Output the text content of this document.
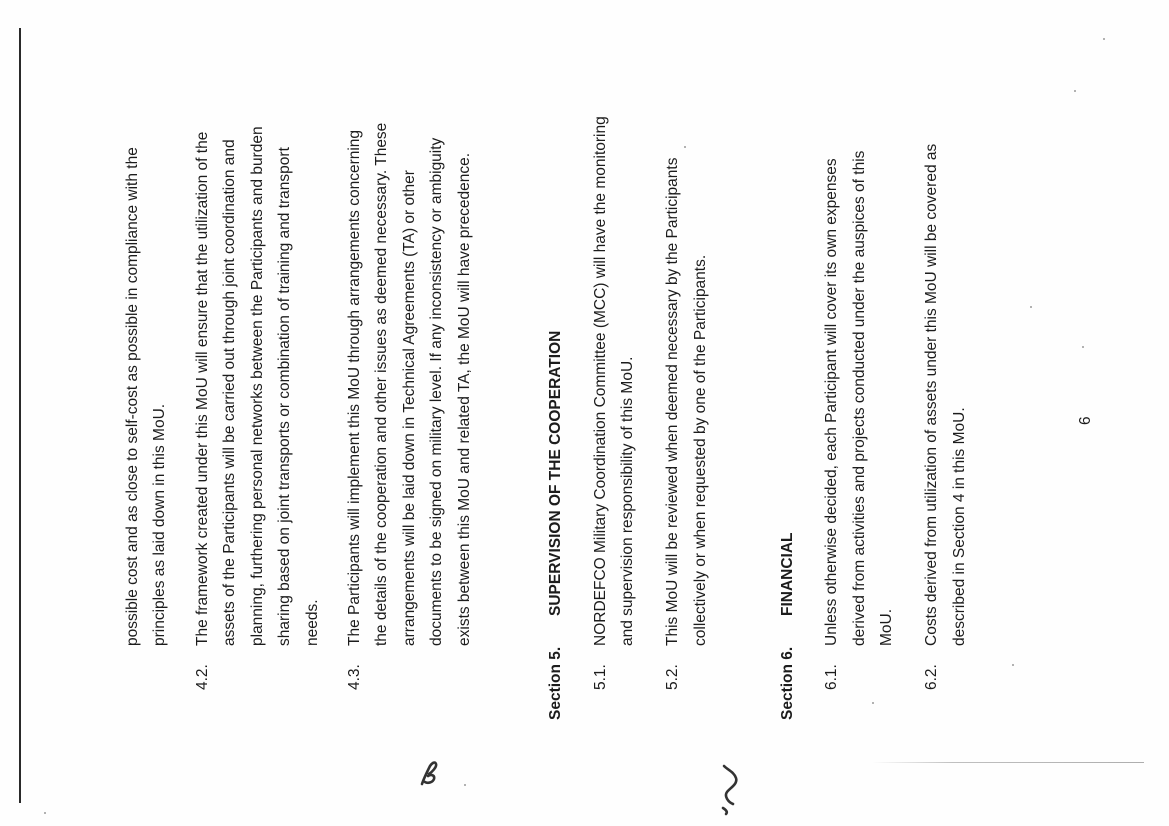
possible cost and as close to self-cost as possible in compliance with the principles as laid down in this MoU.
4.2.
The framework created under this MoU will ensure that the utilization of the assets of the Participants will be carried out through joint coordination and planning, furthering personal networks between the Participants and burden sharing based on joint transports or combination of training and transport needs.
4.3.
The Participants will implement this MoU through arrangements concerning the details of the cooperation and other issues as deemed necessary. These arrangements will be laid down in Technical Agreements (TA) or other documents to be signed on military level. If any inconsistency or ambiguity exists between this MoU and related TA, the MoU will have precedence.
Section 5.
SUPERVISION OF THE COOPERATION
5.1.
NORDEFCO Military Coordination Committee (MCC) will have the monitoring and supervision responsibility of this MoU.
5.2.
This MoU will be reviewed when deemed necessary by the Participants collectively or when requested by one of the Participants.
Section 6.
FINANCIAL
6.1.
Unless otherwise decided, each Participant will cover its own expenses derived from activities and projects conducted under the auspices of this MoU.
6.2.
Costs derived from utilization of assets under this MoU will be covered as described in Section 4 in this MoU.	6
